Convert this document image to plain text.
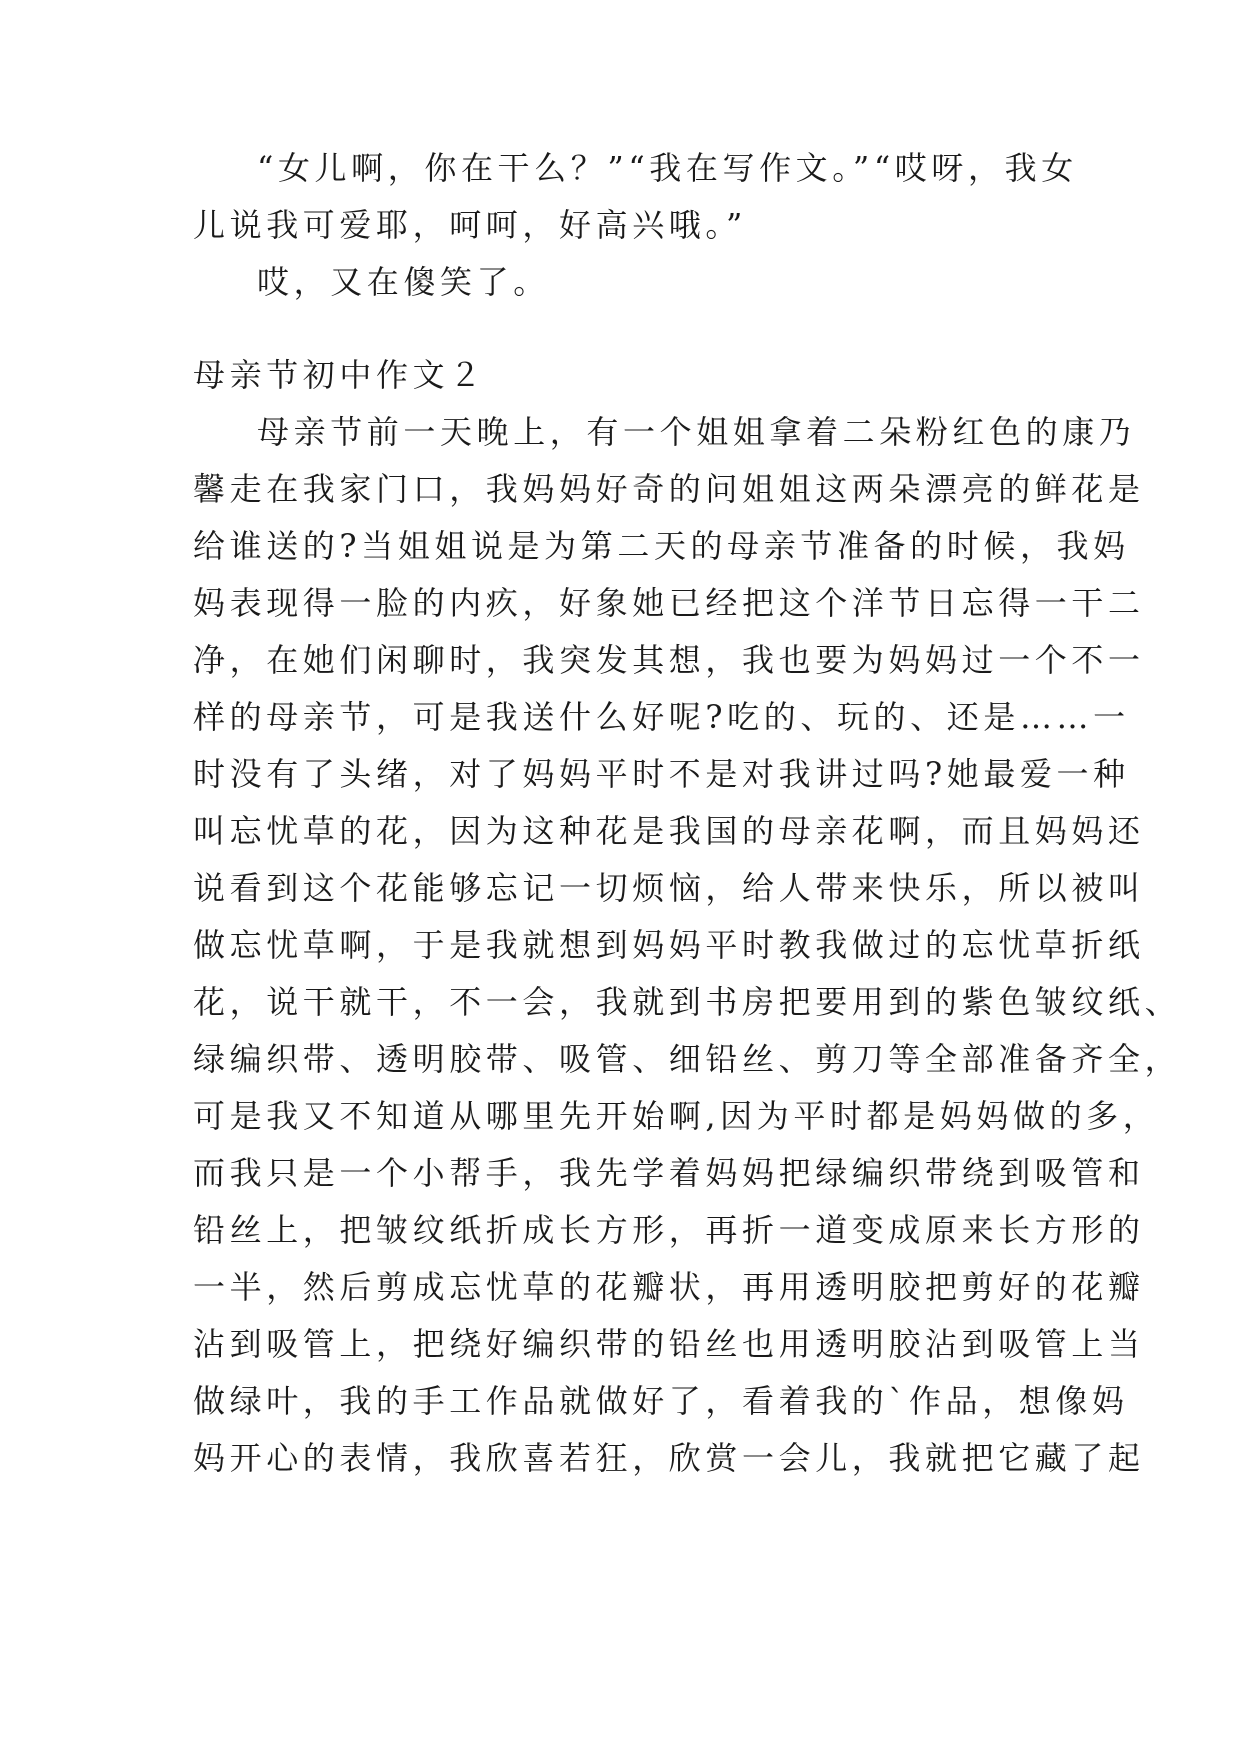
“女儿啊，你在干么？”“我在写作文。”“哎呀，我女
儿说我可爱耶，呵呵，好高兴哦。”
哎，又在傻笑了。
母亲节初中作文２
母亲节前一天晚上，有一个姐姐拿着二朵粉红色的康乃
馨走在我家门口，我妈妈好奇的问姐姐这两朵漂亮的鲜花是
给谁送的?当姐姐说是为第二天的母亲节准备的时候，我妈
妈表现得一脸的内疚，好象她已经把这个洋节日忘得一干二
净，在她们闲聊时，我突发其想，我也要为妈妈过一个不一
样的母亲节，可是我送什么好呢?吃的、玩的、还是……一
时没有了头绪，对了妈妈平时不是对我讲过吗?她最爱一种
叫忘忧草的花，因为这种花是我国的母亲花啊，而且妈妈还
说看到这个花能够忘记一切烦恼，给人带来快乐，所以被叫
做忘忧草啊，于是我就想到妈妈平时教我做过的忘忧草折纸
花，说干就干，不一会，我就到书房把要用到的紫色皱纹纸、
绿编织带、透明胶带、吸管、细铅丝、剪刀等全部准备齐全，
可是我又不知道从哪里先开始啊,因为平时都是妈妈做的多，
而我只是一个小帮手，我先学着妈妈把绿编织带绕到吸管和
铅丝上，把皱纹纸折成长方形，再折一道变成原来长方形的
一半，然后剪成忘忧草的花瓣状，再用透明胶把剪好的花瓣
沾到吸管上，把绕好编织带的铅丝也用透明胶沾到吸管上当
做绿叶，我的手工作品就做好了，看着我的`作品，想像妈
妈开心的表情，我欣喜若狂，欣赏一会儿，我就把它藏了起
